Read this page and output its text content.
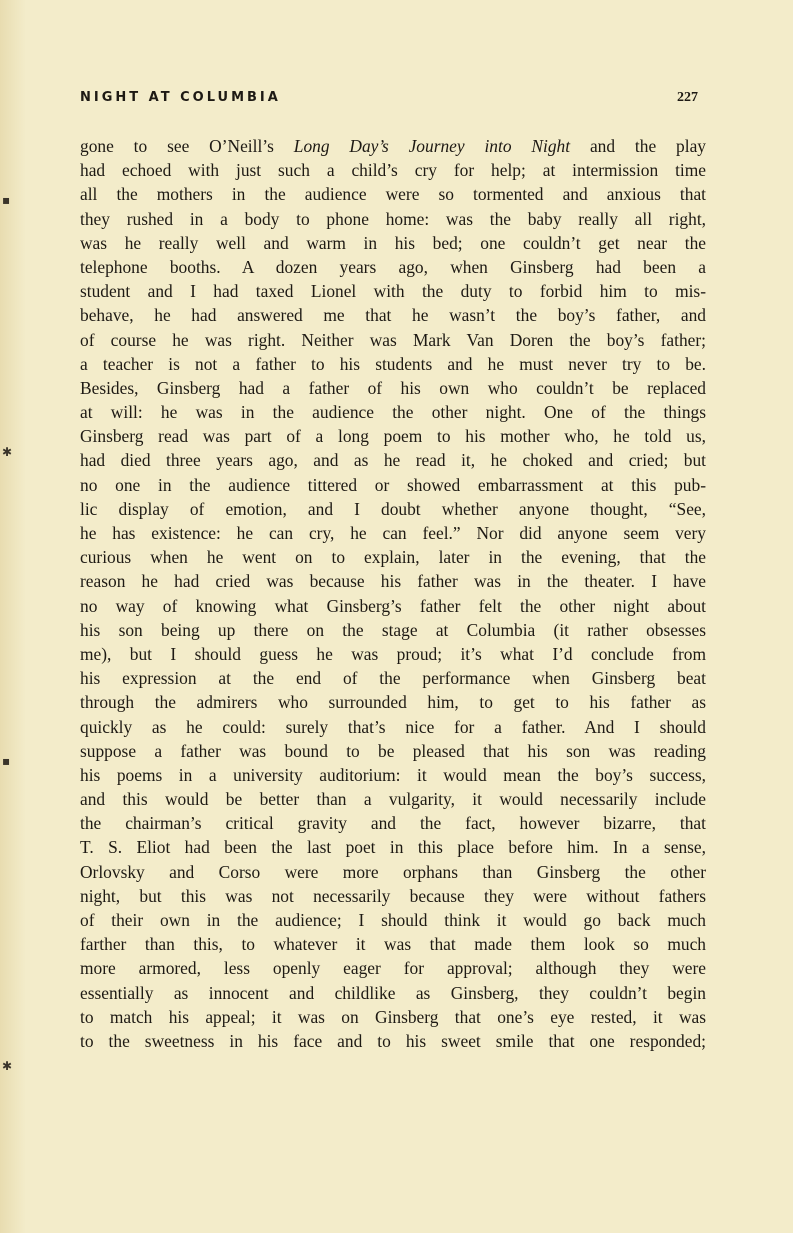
▪
✱
▪
✱
NIGHT AT COLUMBIA	227
gone to see O’Neill’s Long Day’s Journey into Night and the play
had echoed with just such a child’s cry for help; at intermission time
all the mothers in the audience were so tormented and anxious that
they rushed in a body to phone home: was the baby really all right,
was he really well and warm in his bed; one couldn’t get near the
telephone booths. A dozen years ago, when Ginsberg had been a
student and I had taxed Lionel with the duty to forbid him to mis-
behave, he had answered me that he wasn’t the boy’s father, and
of course he was right. Neither was Mark Van Doren the boy’s father;
a teacher is not a father to his students and he must never try to be.
Besides, Ginsberg had a father of his own who couldn’t be replaced
at will: he was in the audience the other night. One of the things
Ginsberg read was part of a long poem to his mother who, he told us,
had died three years ago, and as he read it, he choked and cried; but
no one in the audience tittered or showed embarrassment at this pub-
lic display of emotion, and I doubt whether anyone thought, “See,
he has existence: he can cry, he can feel.” Nor did anyone seem very
curious when he went on to explain, later in the evening, that the
reason he had cried was because his father was in the theater. I have
no way of knowing what Ginsberg’s father felt the other night about
his son being up there on the stage at Columbia (it rather obsesses
me), but I should guess he was proud; it’s what I’d conclude from
his expression at the end of the performance when Ginsberg beat
through the admirers who surrounded him, to get to his father as
quickly as he could: surely that’s nice for a father. And I should
suppose a father was bound to be pleased that his son was reading
his poems in a university auditorium: it would mean the boy’s success,
and this would be better than a vulgarity, it would necessarily include
the chairman’s critical gravity and the fact, however bizarre, that
T. S. Eliot had been the last poet in this place before him. In a sense,
Orlovsky and Corso were more orphans than Ginsberg the other
night, but this was not necessarily because they were without fathers
of their own in the audience; I should think it would go back much
farther than this, to whatever it was that made them look so much
more armored, less openly eager for approval; although they were
essentially as innocent and childlike as Ginsberg, they couldn’t begin
to match his appeal; it was on Ginsberg that one’s eye rested, it was
to the sweetness in his face and to his sweet smile that one responded;
